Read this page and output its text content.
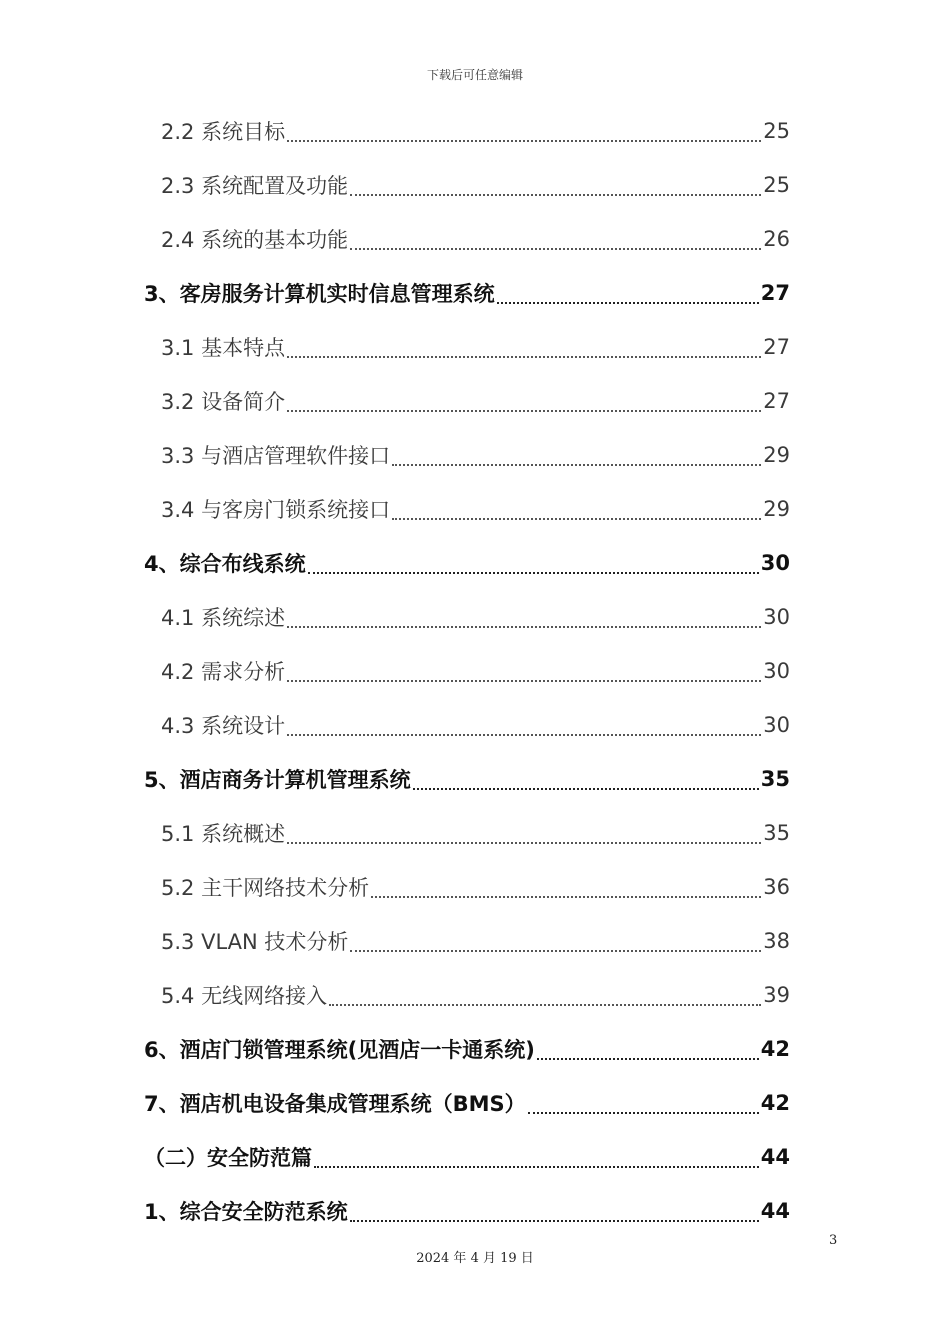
下载后可任意编辑
2.2 系统目标	25
2.3 系统配置及功能	25
2.4 系统的基本功能	26
3、客房服务计算机实时信息管理系统	27
3.1 基本特点	27
3.2 设备简介	27
3.3 与酒店管理软件接口	29
3.4 与客房门锁系统接口	29
4、综合布线系统	30
4.1 系统综述	30
4.2 需求分析	30
4.3 系统设计	30
5、酒店商务计算机管理系统	35
5.1 系统概述	35
5.2 主干网络技术分析	36
5.3 VLAN 技术分析	38
5.4 无线网络接入	39
6、酒店门锁管理系统(见酒店一卡通系统)	42
7、酒店机电设备集成管理系统（BMS）	42
（二）安全防范篇	44
1、综合安全防范系统	44
3
2024 年 4 月 19 日
